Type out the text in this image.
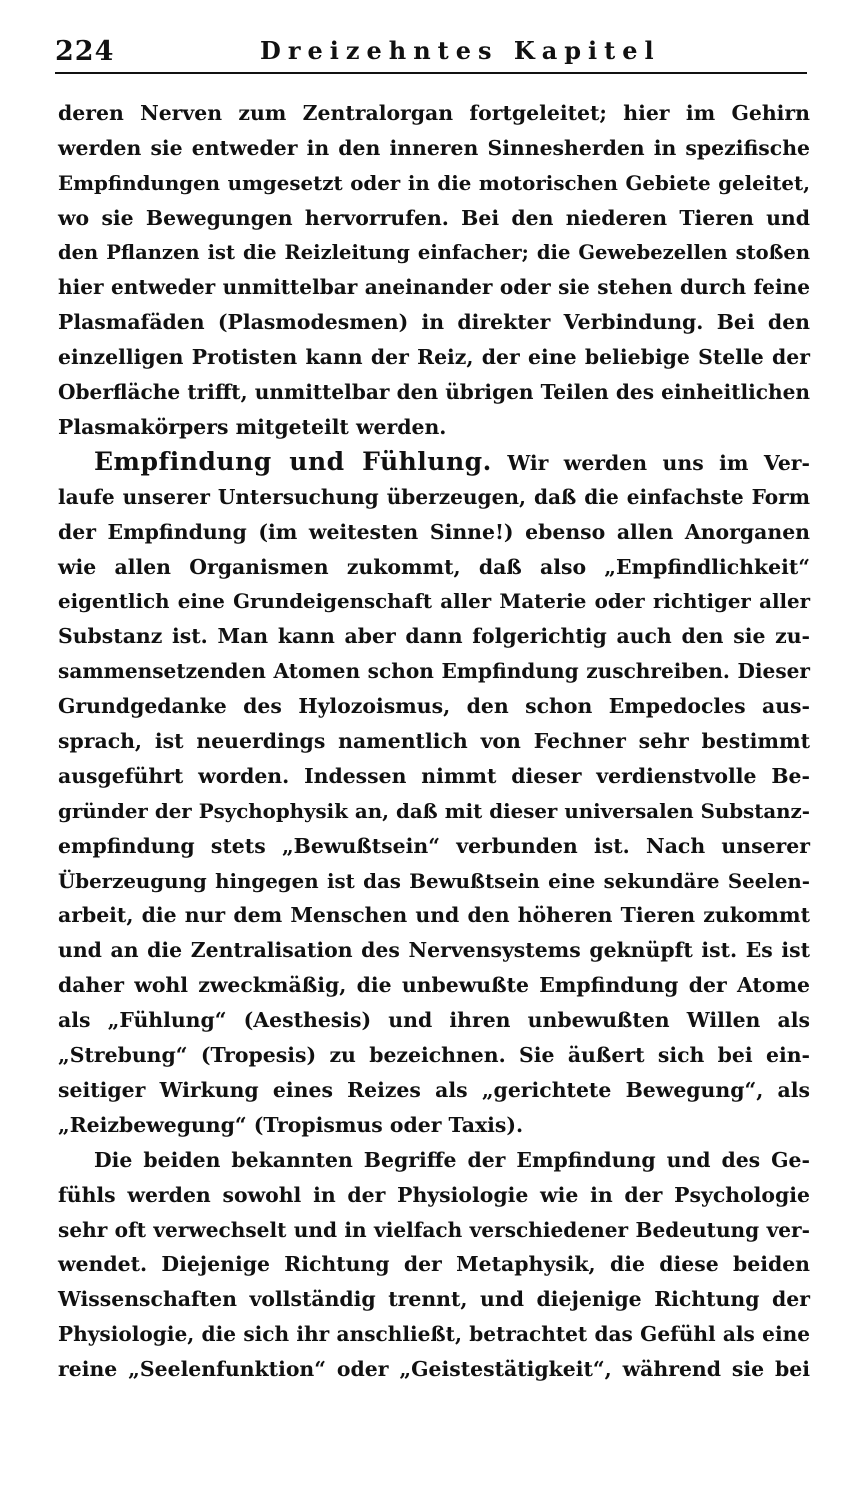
224	Dreizehntes Kapitel
deren Nerven zum Zentralorgan fortgeleitet; hier im Gehirn
werden sie entweder in den inneren Sinnesherden in spezifische
Empfindungen umgesetzt oder in die motorischen Gebiete geleitet,
wo sie Bewegungen hervorrufen. Bei den niederen Tieren und
den Pflanzen ist die Reizleitung einfacher; die Gewebezellen stoßen
hier entweder unmittelbar aneinander oder sie stehen durch feine
Plasmafäden (Plasmodesmen) in direkter Verbindung. Bei den
einzelligen Protisten kann der Reiz, der eine beliebige Stelle der
Oberfläche trifft, unmittelbar den übrigen Teilen des einheitlichen
Plasmakörpers mitgeteilt werden.
Empfindung und Fühlung. Wir werden uns im Ver-
laufe unserer Untersuchung überzeugen, daß die einfachste Form
der Empfindung (im weitesten Sinne!) ebenso allen Anorganen
wie allen Organismen zukommt, daß also „Empfindlichkeit“
eigentlich eine Grundeigenschaft aller Materie oder richtiger aller
Substanz ist. Man kann aber dann folgerichtig auch den sie zu-
sammensetzenden Atomen schon Empfindung zuschreiben. Dieser
Grundgedanke des Hylozoismus, den schon Empedocles aus-
sprach, ist neuerdings namentlich von Fechner sehr bestimmt
ausgeführt worden. Indessen nimmt dieser verdienstvolle Be-
gründer der Psychophysik an, daß mit dieser universalen Substanz-
empfindung stets „Bewußtsein“ verbunden ist. Nach unserer
Überzeugung hingegen ist das Bewußtsein eine sekundäre Seelen-
arbeit, die nur dem Menschen und den höheren Tieren zukommt
und an die Zentralisation des Nervensystems geknüpft ist. Es ist
daher wohl zweckmäßig, die unbewußte Empfindung der Atome
als „Fühlung“ (Aesthesis) und ihren unbewußten Willen als
„Strebung“ (Tropesis) zu bezeichnen. Sie äußert sich bei ein-
seitiger Wirkung eines Reizes als „gerichtete Bewegung“, als
„Reizbewegung“ (Tropismus oder Taxis).
Die beiden bekannten Begriffe der Empfindung und des Ge-
fühls werden sowohl in der Physiologie wie in der Psychologie
sehr oft verwechselt und in vielfach verschiedener Bedeutung ver-
wendet. Diejenige Richtung der Metaphysik, die diese beiden
Wissenschaften vollständig trennt, und diejenige Richtung der
Physiologie, die sich ihr anschließt, betrachtet das Gefühl als eine
reine „Seelenfunktion“ oder „Geistestätigkeit“, während sie bei
